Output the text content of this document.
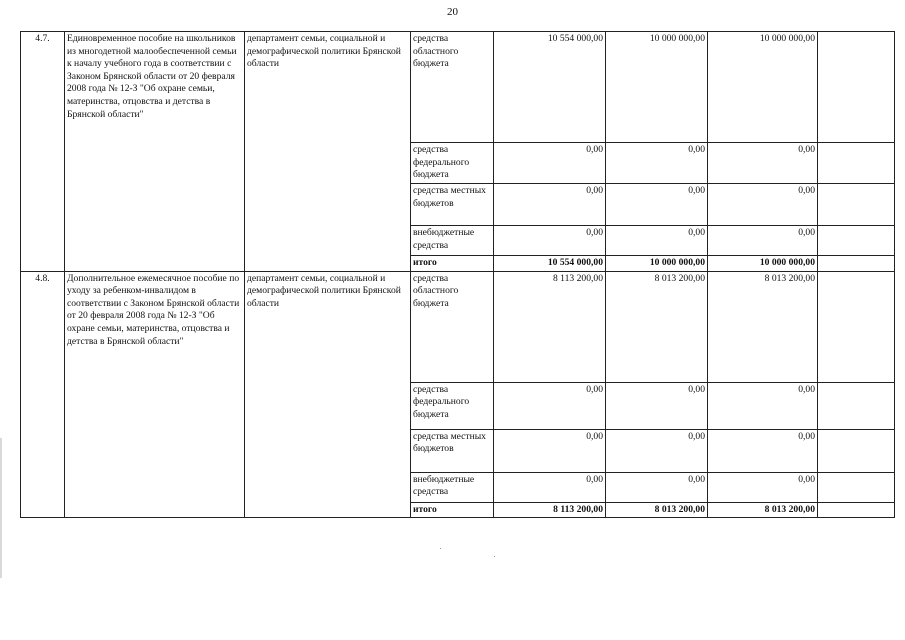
20
4.7.	Единовременное пособие на школьников из многодетной малообеспеченной семьи к началу учебного года в соответствии с Законом Брянской области от 20 февраля 2008 года № 12-З "Об охране семьи, материнства, отцовства и детства в Брянской области"	департамент семьи, социальной и демографической политики Брянской области	средства областного бюджета	10 554 000,00	10 000 000,00	10 000 000,00	
			средства федерального бюджета	0,00	0,00	0,00	
			средства местных бюджетов	0,00	0,00	0,00	
			внебюджетные средства	0,00	0,00	0,00	
			итого	10 554 000,00	10 000 000,00	10 000 000,00	
4.8.	Дополнительное ежемесячное пособие по уходу за ребенком-инвалидом в соответствии с Законом Брянской области от 20 февраля 2008 года № 12-З "Об охране семьи, материнства, отцовства и детства в Брянской области"	департамент семьи, социальной и демографической политики Брянской области	средства областного бюджета	8 113 200,00	8 013 200,00	8 013 200,00	
			средства федерального бюджета	0,00	0,00	0,00	
			средства местных бюджетов	0,00	0,00	0,00	
			внебюджетные средства	0,00	0,00	0,00	
			итого	8 113 200,00	8 013 200,00	8 013 200,00	
